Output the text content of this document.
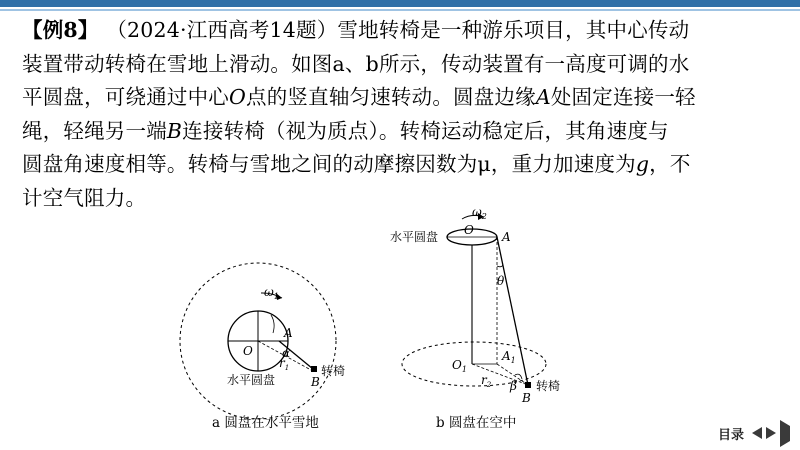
【例8】 （2024·江西高考14题）雪地转椅是一种游乐项目，其中心传动
装置带动转椅在雪地上滑动。如图a、b所示，传动装置有一高度可调的水
平圆盘，可绕通过中心O点的竖直轴匀速转动。圆盘边缘A处固定连接一轻
绳，轻绳另一端B连接转椅（视为质点）。转椅运动稳定后，其角速度与
圆盘角速度相等。转椅与雪地之间的动摩擦因数为μ，重力加速度为g，不
计空气阻力。
$\omega_1$
O
A
α
$r_1$
B
转椅
水平圆盘
a 圆盘在水平雪地
$\omega_2$
水平圆盘 O A
θ
$O_1$
$A_1$
$r_2$ β
B
转椅
b 圆盘在空中
目录
